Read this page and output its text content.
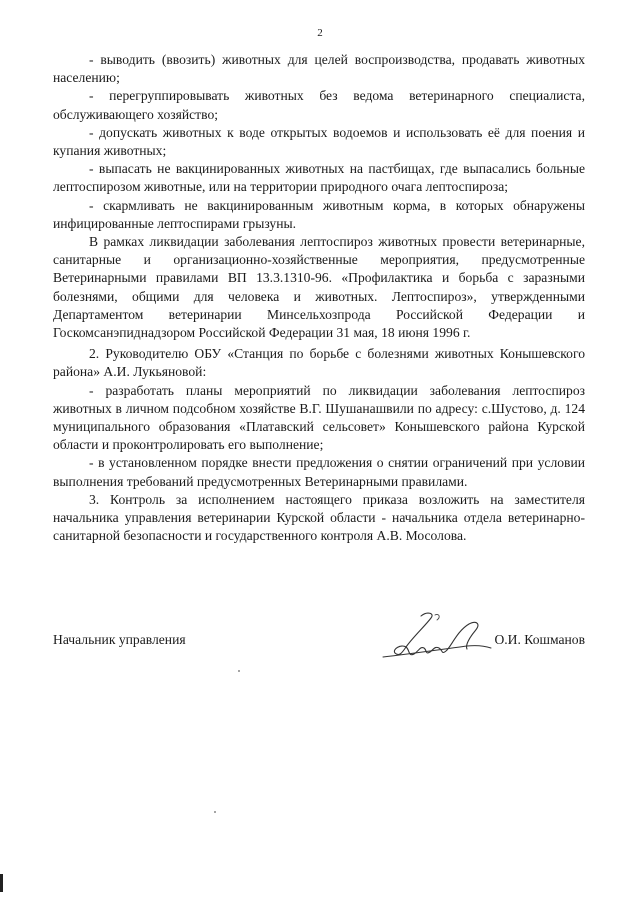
2

- выводить (ввозить) животных для целей воспроизводства, продавать животных населению;

- перегруппировывать животных без ведома ветеринарного специалиста, обслуживающего хозяйство;

- допускать животных к воде открытых водоемов и использовать её для поения и купания животных;

- выпасать не вакцинированных животных на пастбищах, где выпасались больные лептоспирозом животные, или на территории природного очага лептоспироза;

- скармливать не вакцинированным животным корма, в которых обнаружены инфицированные лептоспирами грызуны.

В рамках ликвидации заболевания лептоспироз животных провести ветеринарные, санитарные и организационно-хозяйственные мероприятия, предусмотренные Ветеринарными правилами ВП 13.3.1310-96. «Профилактика и борьба с заразными болезнями, общими для человека и животных. Лептоспироз», утвержденными Департаментом ветеринарии Минсельхозпрода Российской Федерации и Госкомсанэпиднадзором Российской Федерации 31 мая, 18 июня 1996 г.

2. Руководителю ОБУ «Станция по борьбе с болезнями животных Конышевского района» А.И. Лукьяновой:

- разработать планы мероприятий по ликвидации заболевания лептоспироз животных в личном подсобном хозяйстве В.Г. Шушанашвили по адресу: с.Шустово, д. 124 муниципального образования «Платавский сельсовет» Конышевского района Курской области и проконтролировать его выполнение;

- в установленном порядке внести предложения о снятии ограничений при условии выполнения требований предусмотренных Ветеринарными правилами.

3. Контроль за исполнением настоящего приказа возложить на заместителя начальника управления ветеринарии Курской области - начальника отдела ветеринарно-санитарной безопасности и государственного контроля А.В. Мосолова.

Начальник управления	О.И. Кошманов
